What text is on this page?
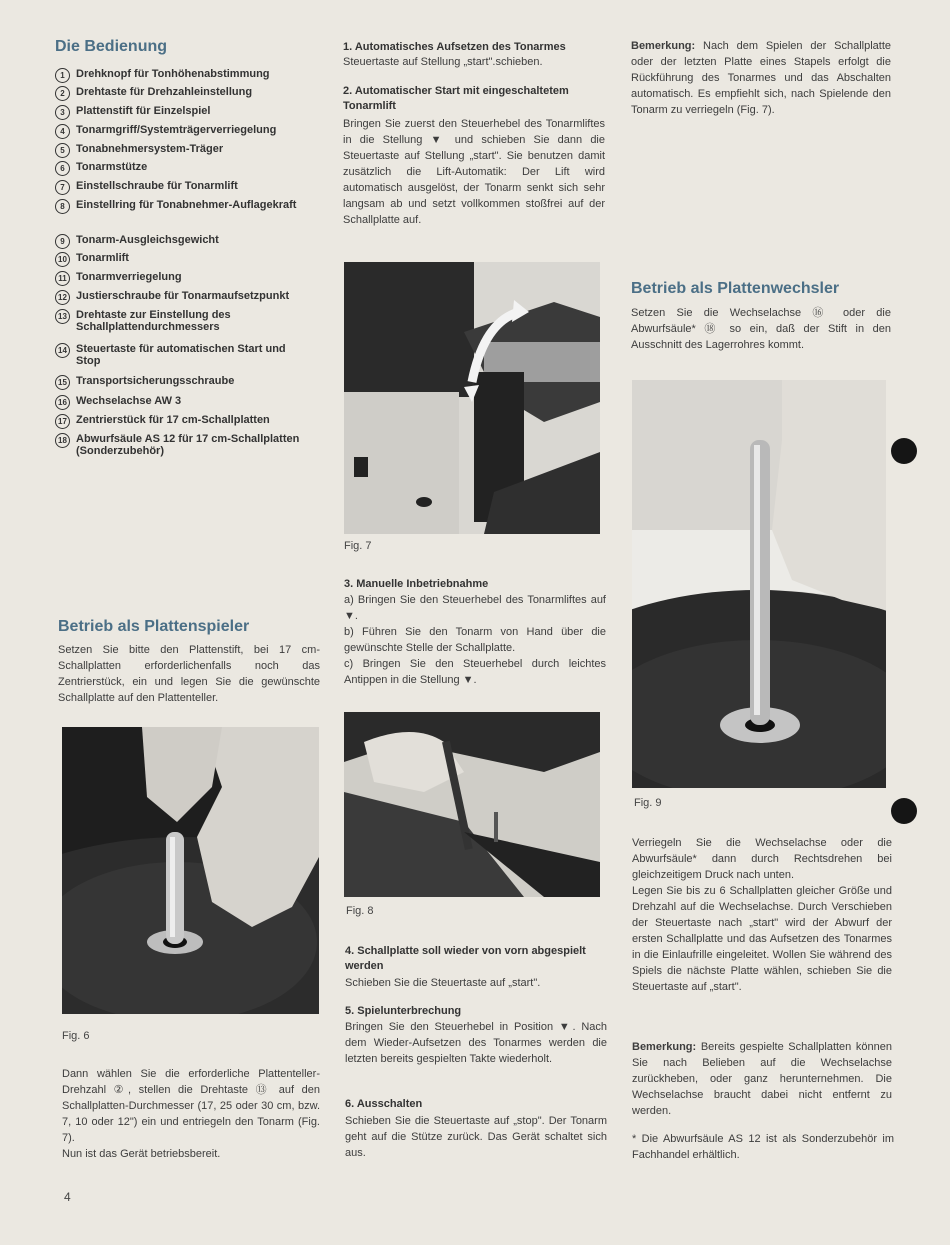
Die Bedienung
1 Drehknopf für Tonhöhenabstimmung
2 Drehtaste für Drehzahleinstellung
3 Plattenstift für Einzelspiel
4 Tonarmgriff/Systemträgerverriegelung
5 Tonabnehmersystem-Träger
6 Tonarmstütze
7 Einstellschraube für Tonarmlift
8 Einstellring für Tonabnehmer-Auflagekraft
9 Tonarm-Ausgleichsgewicht
10 Tonarmlift
11 Tonarmverriegelung
12 Justierschraube für Tonarmaufsetzpunkt
13 Drehtaste zur Einstellung des Schallplattendurchmessers
14 Steuertaste für automatischen Start und Stop
15 Transportsicherungsschraube
16 Wechselachse AW 3
17 Zentrierstück für 17 cm-Schallplatten
18 Abwurfsäule AS 12 für 17 cm-Schallplatten (Sonderzubehör)
Betrieb als Plattenspieler
Setzen Sie bitte den Plattenstift, bei 17 cm-Schallplatten erforderlichenfalls noch das Zentrierstück, ein und legen Sie die gewünschte Schallplatte auf den Plattenteller.
Fig. 6
Dann wählen Sie die erforderliche Plattenteller-Drehzahl ②, stellen die Drehtaste ⑬ auf den Schallplatten-Durchmesser (17, 25 oder 30 cm, bzw. 7, 10 oder 12") ein und entriegeln den Tonarm (Fig. 7).
Nun ist das Gerät betriebsbereit.
4
1. Automatisches Aufsetzen des Tonarmes
Steuertaste auf Stellung „start".schieben.
2. Automatischer Start mit eingeschaltetem Tonarmlift
Bringen Sie zuerst den Steuerhebel des Tonarmliftes in die Stellung ▼ und schieben Sie dann die Steuertaste auf Stellung „start". Sie benutzen damit zusätzlich die Lift-Automatik: Der Lift wird automatisch ausgelöst, der Tonarm senkt sich sehr langsam ab und setzt vollkommen stoßfrei auf der Schallplatte auf.
Fig. 7
3. Manuelle Inbetriebnahme
a) Bringen Sie den Steuerhebel des Tonarmliftes auf ▼.
b) Führen Sie den Tonarm von Hand über die gewünschte Stelle der Schallplatte.
c) Bringen Sie den Steuerhebel durch leichtes Antippen in die Stellung ▼.
Fig. 8
4. Schallplatte soll wieder von vorn abgespielt werden
Schieben Sie die Steuertaste auf „start".
5. Spielunterbrechung
Bringen Sie den Steuerhebel in Position ▼. Nach dem Wieder-Aufsetzen des Tonarmes werden die letzten bereits gespielten Takte wiederholt.
6. Ausschalten
Schieben Sie die Steuertaste auf „stop". Der Tonarm geht auf die Stütze zurück. Das Gerät schaltet sich aus.
Bemerkung: Nach dem Spielen der Schallplatte oder der letzten Platte eines Stapels erfolgt die Rückführung des Tonarmes und das Abschalten automatisch. Es empfiehlt sich, nach Spielende den Tonarm zu verriegeln (Fig. 7).
Betrieb als Plattenwechsler
Setzen Sie die Wechselachse ⑯ oder die Abwurfsäule* ⑱ so ein, daß der Stift in den Ausschnitt des Lagerrohres kommt.
Fig. 9
Verriegeln Sie die Wechselachse oder die Abwurfsäule* dann durch Rechtsdrehen bei gleichzeitigem Druck nach unten.
Legen Sie bis zu 6 Schallplatten gleicher Größe und Drehzahl auf die Wechselachse. Durch Verschieben der Steuertaste nach „start" wird der Abwurf der ersten Schallplatte und das Aufsetzen des Tonarmes in die Einlaufrille eingeleitet. Wollen Sie während des Spiels die nächste Platte wählen, schieben Sie die Steuertaste auf „start".
Bemerkung: Bereits gespielte Schallplatten können Sie nach Belieben auf die Wechselachse zurückheben, oder ganz herunternehmen. Die Wechselachse braucht dabei nicht entfernt zu werden.
* Die Abwurfsäule AS 12 ist als Sonderzubehör im Fachhandel erhältlich.
